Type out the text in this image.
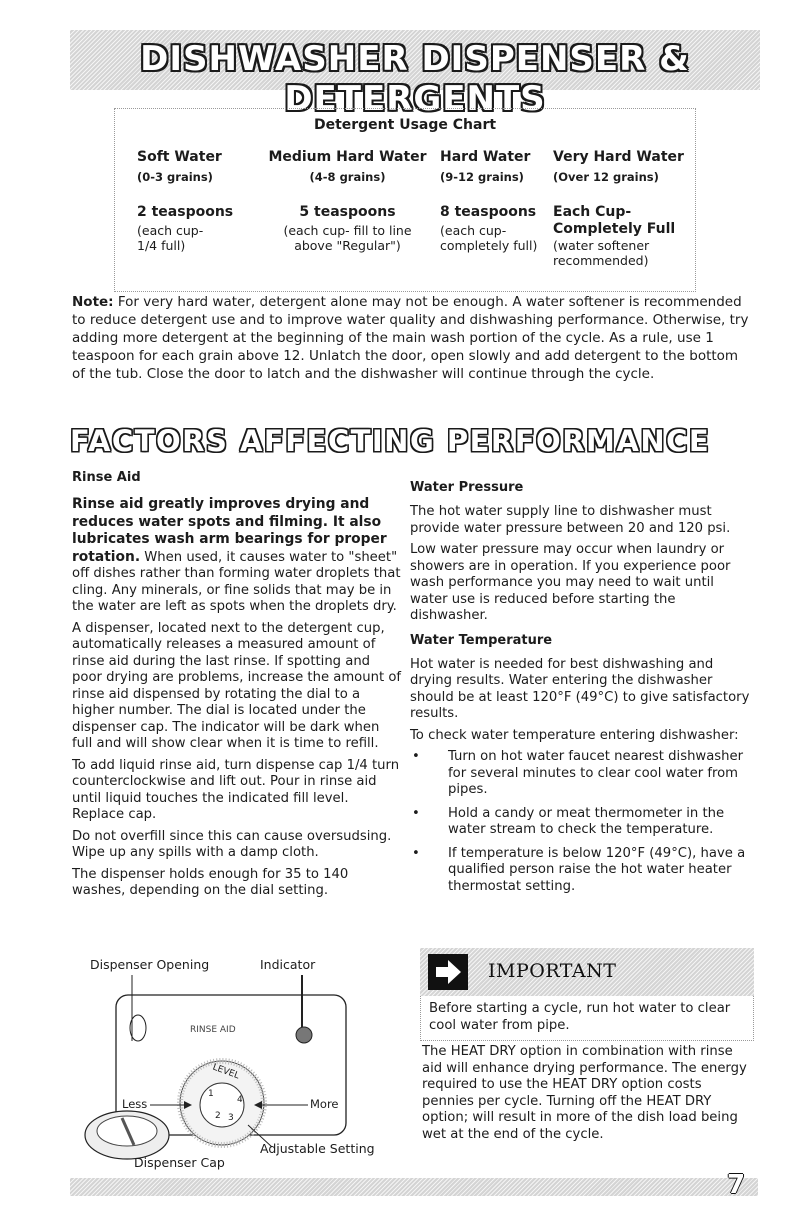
DISHWASHER DISPENSER & DETERGENTS
Detergent Usage Chart
Soft Water
(0-3 grains)
2 teaspoons
(each cup-
1/4 full)
Medium Hard Water
(4-8 grains)
5 teaspoons
(each cup- fill to line
above "Regular")
Hard Water
(9-12 grains)
8 teaspoons
(each cup-
completely full)
Very Hard Water
(Over 12 grains)
Each Cup-
Completely Full
(water softener
recommended)
Note: For very hard water, detergent alone may not be enough. A water softener is recommended to reduce detergent use and to improve water quality and dishwashing performance. Otherwise, try adding more detergent at the beginning of the main wash portion of the cycle. As a rule, use 1 teaspoon for each grain above 12. Unlatch the door, open slowly and add detergent to the bottom of the tub. Close the door to latch and the dishwasher will continue through the cycle.
FACTORS AFFECTING PERFORMANCE
Rinse Aid

Rinse aid greatly improves drying and reduces water spots and filming. It also lubricates wash arm bearings for proper rotation. When used, it causes water to "sheet" off dishes rather than forming water droplets that cling. Any minerals, or fine solids that may be in the water are left as spots when the droplets dry.

A dispenser, located next to the detergent cup, automatically releases a measured amount of rinse aid during the last rinse. If spotting and poor drying are problems, increase the amount of rinse aid dispensed by rotating the dial to a higher number. The dial is located under the dispenser cap. The indicator will be dark when full and will show clear when it is time to refill.

To add liquid rinse aid, turn dispense cap 1/4 turn counterclockwise and lift out. Pour in rinse aid until liquid touches the indicated fill level. Replace cap.

Do not overfill since this can cause oversudsing. Wipe up any spills with a damp cloth.

The dispenser holds enough for 35 to 140 washes, depending on the dial setting.

Dispenser Opening	Indicator
RINSE AID
Less	More
LEVEL
1
2 3
4
Adjustable Setting
Dispenser Cap
Water Pressure

The hot water supply line to dishwasher must provide water pressure between 20 and 120 psi.

Low water pressure may occur when laundry or showers are in operation. If you experience poor wash performance you may need to wait until water use is reduced before starting the dishwasher.

Water Temperature

Hot water is needed for best dishwashing and drying results. Water entering the dishwasher should be at least 120°F (49°C) to give satisfactory results.

To check water temperature entering dishwasher:

• Turn on hot water faucet nearest dishwasher for several minutes to clear cool water from pipes.
• Hold a candy or meat thermometer in the water stream to check the temperature.
• If temperature is below 120°F (49°C), have a qualified person raise the hot water heater thermostat setting.
IMPORTANT
Before starting a cycle, run hot water to clear cool water from pipe.
The HEAT DRY option in combination with rinse aid will enhance drying performance. The energy required to use the HEAT DRY option costs pennies per cycle. Turning off the HEAT DRY option; will result in more of the dish load being wet at the end of the cycle.
7
